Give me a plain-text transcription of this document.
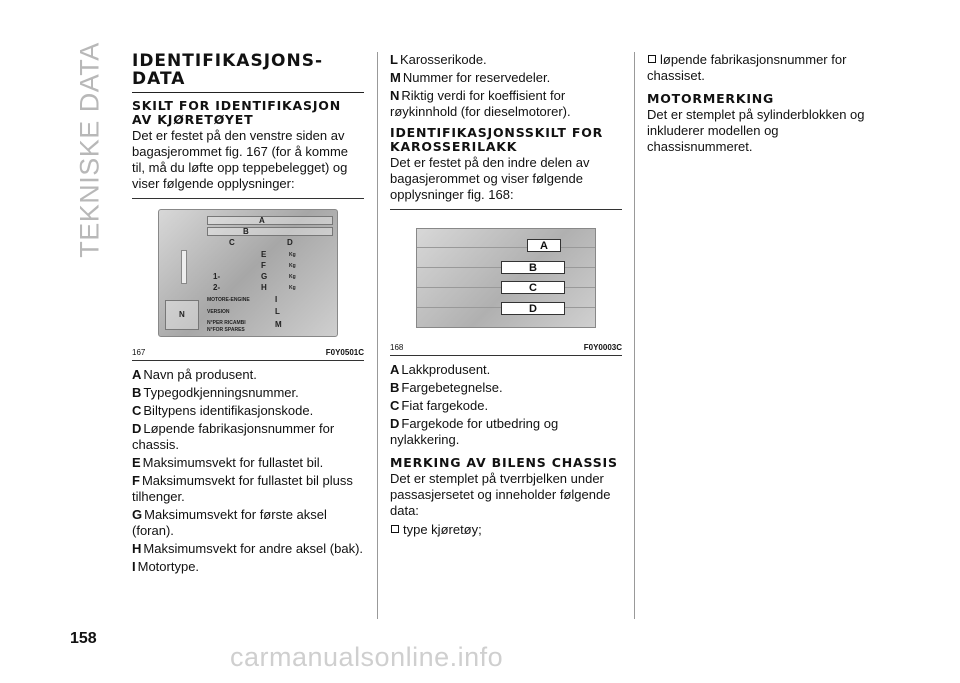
TEKNISKE DATA IDENTIFIKASJONS-DATA
SKILT FOR IDENTIFIKASJON AV KJØRETØYET

Det er festet på den venstre siden av bagasjerommet fig. 167 (for å komme til, må du løfte opp teppebelegget) og viser følgende opplysninger:

A
B
C	D
E	Kg
F	Kg
1-	G	Kg
2-	H	Kg
MOTORE-ENGINE	I
VERSION	L
N°PER RICAMBI
N°FOR SPARES
M
N
167	F0Y0501C
A Navn på produsent.
B Typegodkjenningsnummer.
C Biltypens identifikasjonskode.
D Løpende fabrikasjonsnummer for chassis.
E Maksimumsvekt for fullastet bil.
F Maksimumsvekt for fullastet bil pluss tilhenger.
G Maksimumsvekt for første aksel (foran).
H Maksimumsvekt for andre aksel (bak).
I Motortype.
L Karosserikode.
M Nummer for reservedeler.
N Riktig verdi for koeffisient for røykinnhold (for dieselmotorer).
IDENTIFIKASJONSSKILT FOR KAROSSERILAKK

Det er festet på den indre delen av bagasjerommet og viser følgende opplysninger fig. 168:

A
B
C
D
168	F0Y0003C
A Lakkprodusent.
B Fargebetegnelse.
C Fiat fargekode.
D Fargekode for utbedring og nylakkering.
MERKING AV BILENS CHASSIS

Det er stemplet på tverrbjelken under passasjersetet og inneholder følgende data:

type kjøretøy;
løpende fabrikasjonsnummer for chassiset.
MOTORMERKING

Det er stemplet på sylinderblokken og inkluderer modellen og chassisnummeret.

158
carmanualsonline.info
